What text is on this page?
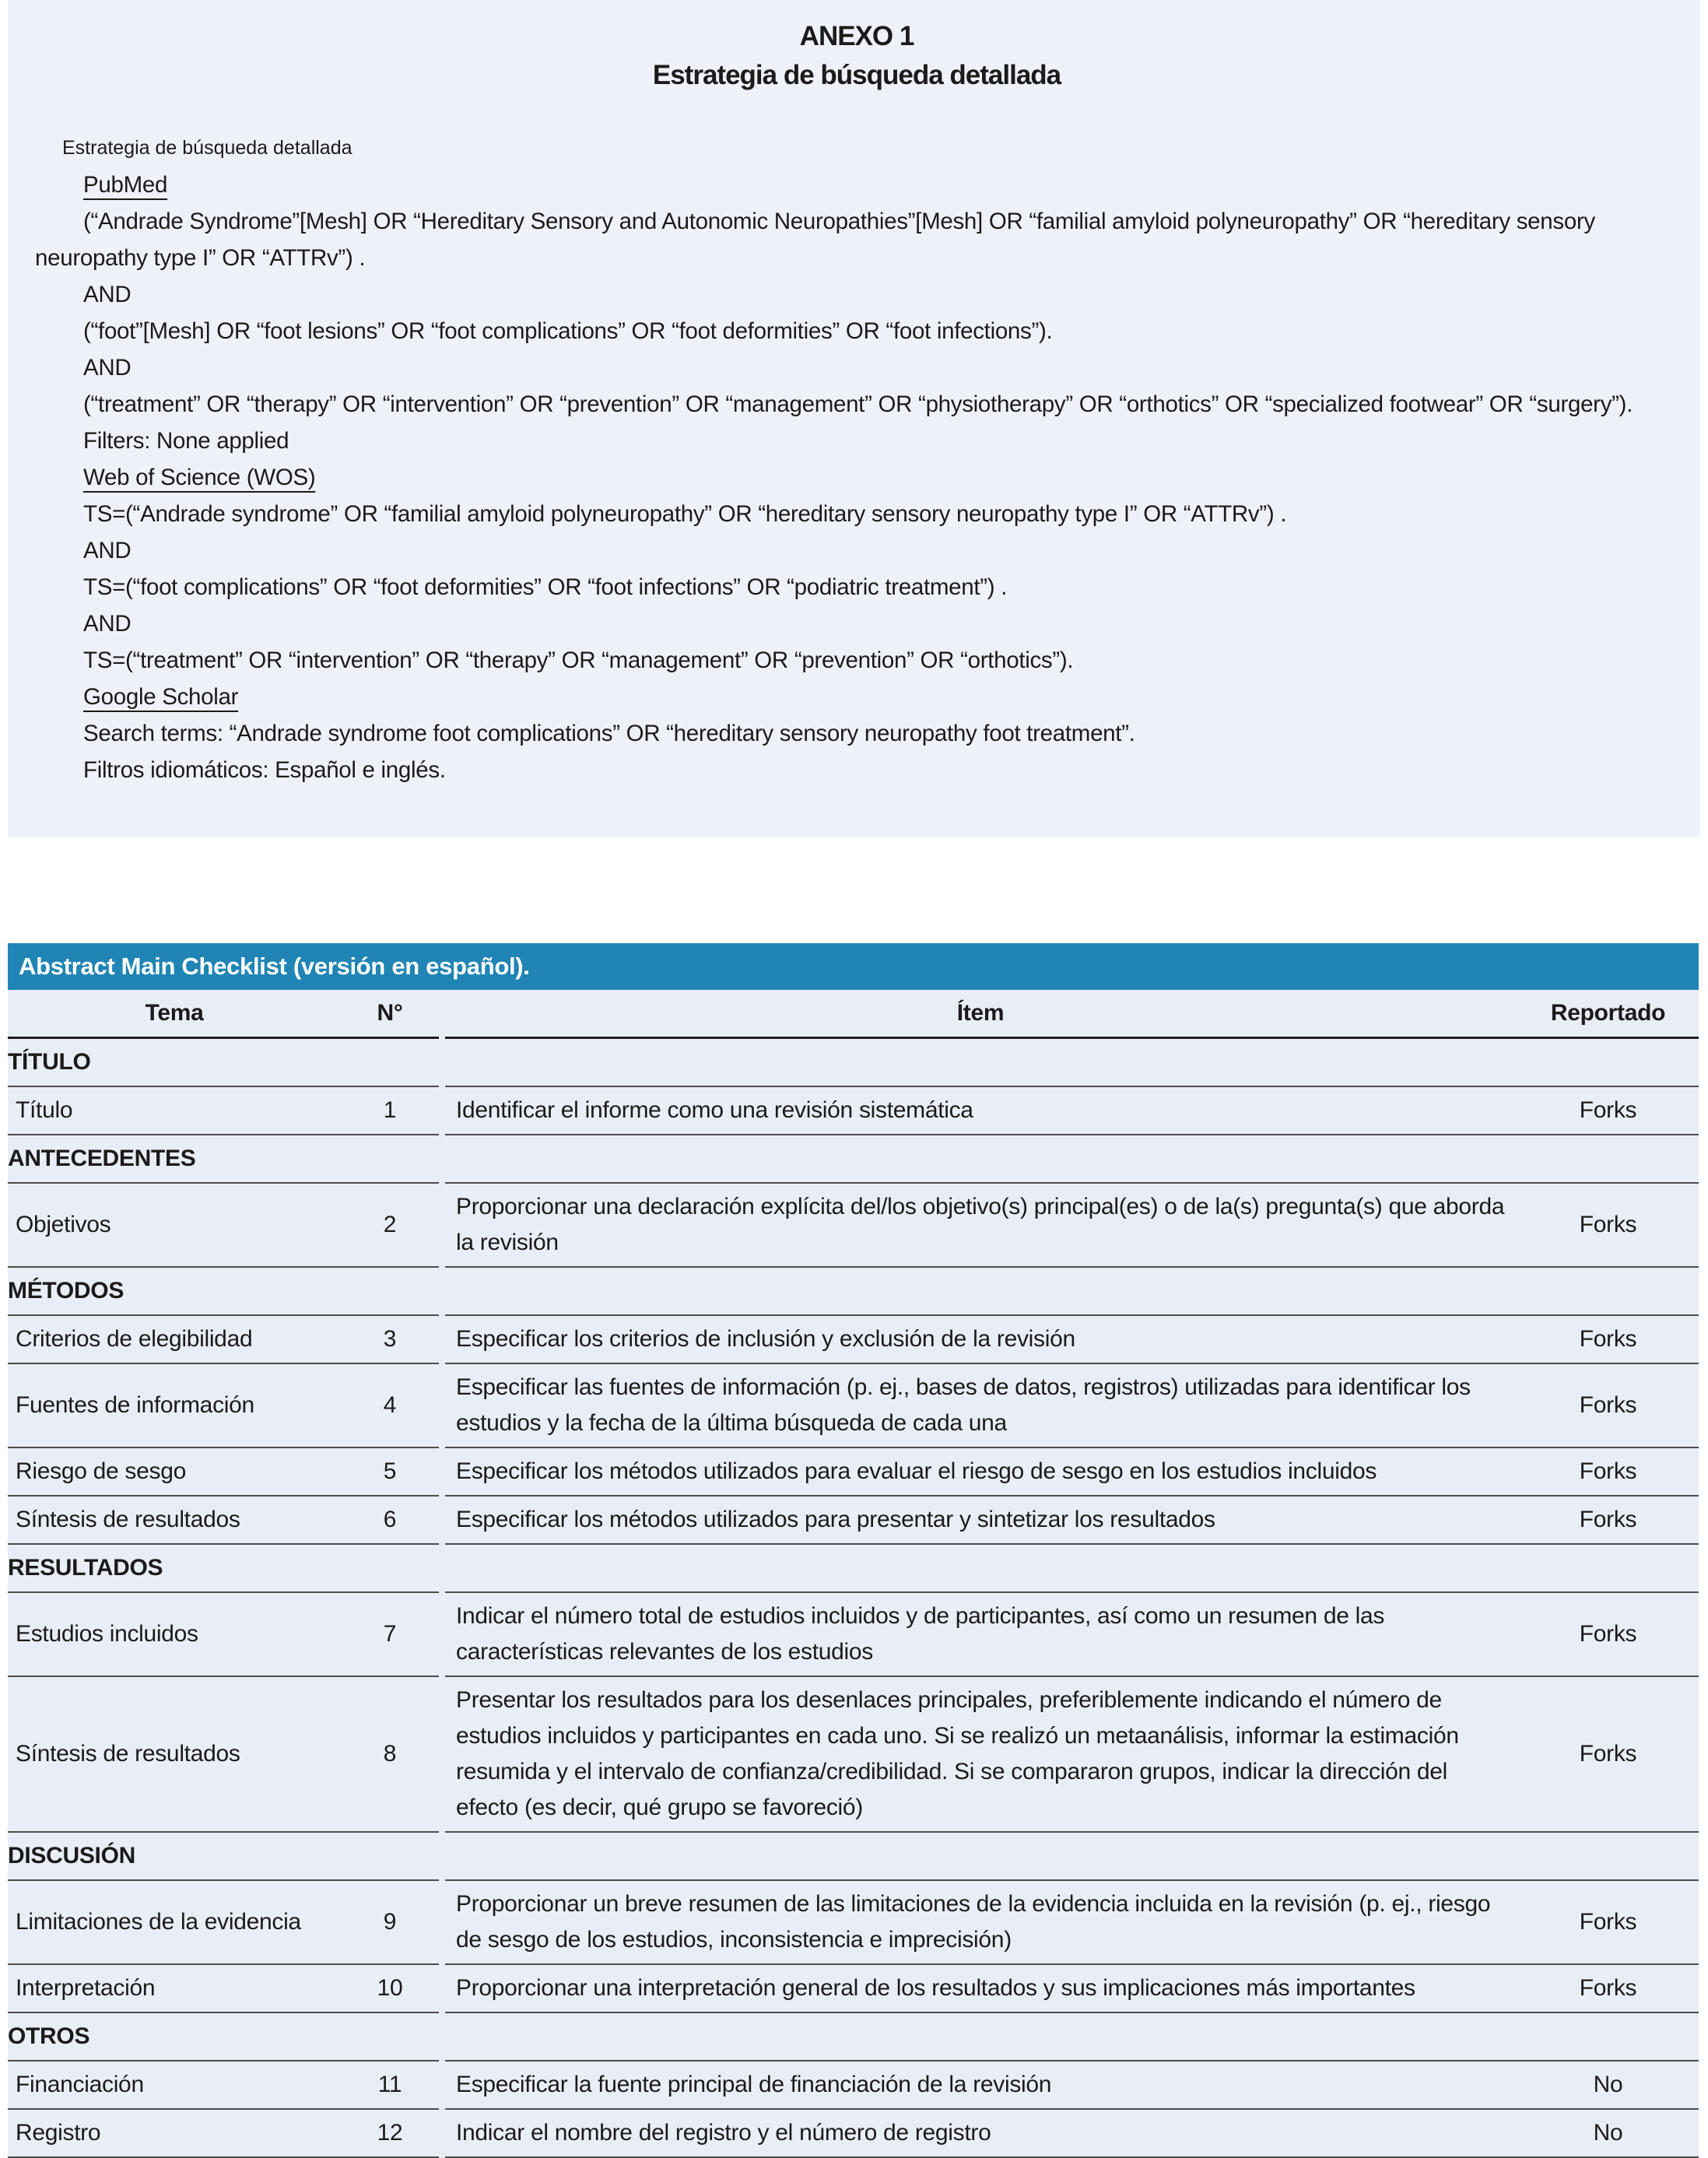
ANEXO 1

Estrategia de búsqueda detallada

Estrategia de búsqueda detallada

PubMed

(“Andrade Syndrome”[Mesh] OR “Hereditary Sensory and Autonomic Neuropathies”[Mesh] OR “familial amyloid polyneuropathy” OR “hereditary sensory neuropathy type I” OR “ATTRv”) .

AND

(“foot”[Mesh] OR “foot lesions” OR “foot complications” OR “foot deformities” OR “foot infections”).

AND

(“treatment” OR “therapy” OR “intervention” OR “prevention” OR “management” OR “physiotherapy” OR “orthotics” OR “specialized footwear” OR “surgery”).

Filters: None applied

Web of Science (WOS)

TS=(“Andrade syndrome” OR “familial amyloid polyneuropathy” OR “hereditary sensory neuropathy type I” OR “ATTRv”) .

AND

TS=(“foot complications” OR “foot deformities” OR “foot infections” OR “podiatric treatment”) .

AND

TS=(“treatment” OR “intervention” OR “therapy” OR “management” OR “prevention” OR “orthotics”).

Google Scholar

Search terms: “Andrade syndrome foot complications” OR “hereditary sensory neuropathy foot treatment”.

Filtros idiomáticos: Español e inglés.

Abstract Main Checklist (versión en español).
Tema	N°	Ítem	Reportado
TÍTULO			
Título	1	Identificar el informe como una revisión sistemática	Forks
ANTECEDENTES			
Objetivos	2	Proporcionar una declaración explícita del/los objetivo(s) principal(es) o de la(s) pregunta(s) que aborda la revisión	Forks
MÉTODOS			
Criterios de elegibilidad	3	Especificar los criterios de inclusión y exclusión de la revisión	Forks
Fuentes de información	4	Especificar las fuentes de información (p. ej., bases de datos, registros) utilizadas para identificar los estudios y la fecha de la última búsqueda de cada una	Forks
Riesgo de sesgo	5	Especificar los métodos utilizados para evaluar el riesgo de sesgo en los estudios incluidos	Forks
Síntesis de resultados	6	Especificar los métodos utilizados para presentar y sintetizar los resultados	Forks
RESULTADOS			
Estudios incluidos	7	Indicar el número total de estudios incluidos y de participantes, así como un resumen de las características relevantes de los estudios	Forks
Síntesis de resultados	8	Presentar los resultados para los desenlaces principales, preferiblemente indicando el número de estudios incluidos y participantes en cada uno. Si se realizó un metaanálisis, informar la estimación resumida y el intervalo de confianza/credibilidad. Si se compararon grupos, indicar la dirección del efecto (es decir, qué grupo se favoreció)	Forks
DISCUSIÓN			
Limitaciones de la evidencia	9	Proporcionar un breve resumen de las limitaciones de la evidencia incluida en la revisión (p. ej., riesgo de sesgo de los estudios, inconsistencia e imprecisión)	Forks
Interpretación	10	Proporcionar una interpretación general de los resultados y sus implicaciones más importantes	Forks
OTROS			
Financiación	11	Especificar la fuente principal de financiación de la revisión	No
Registro	12	Indicar el nombre del registro y el número de registro	No
